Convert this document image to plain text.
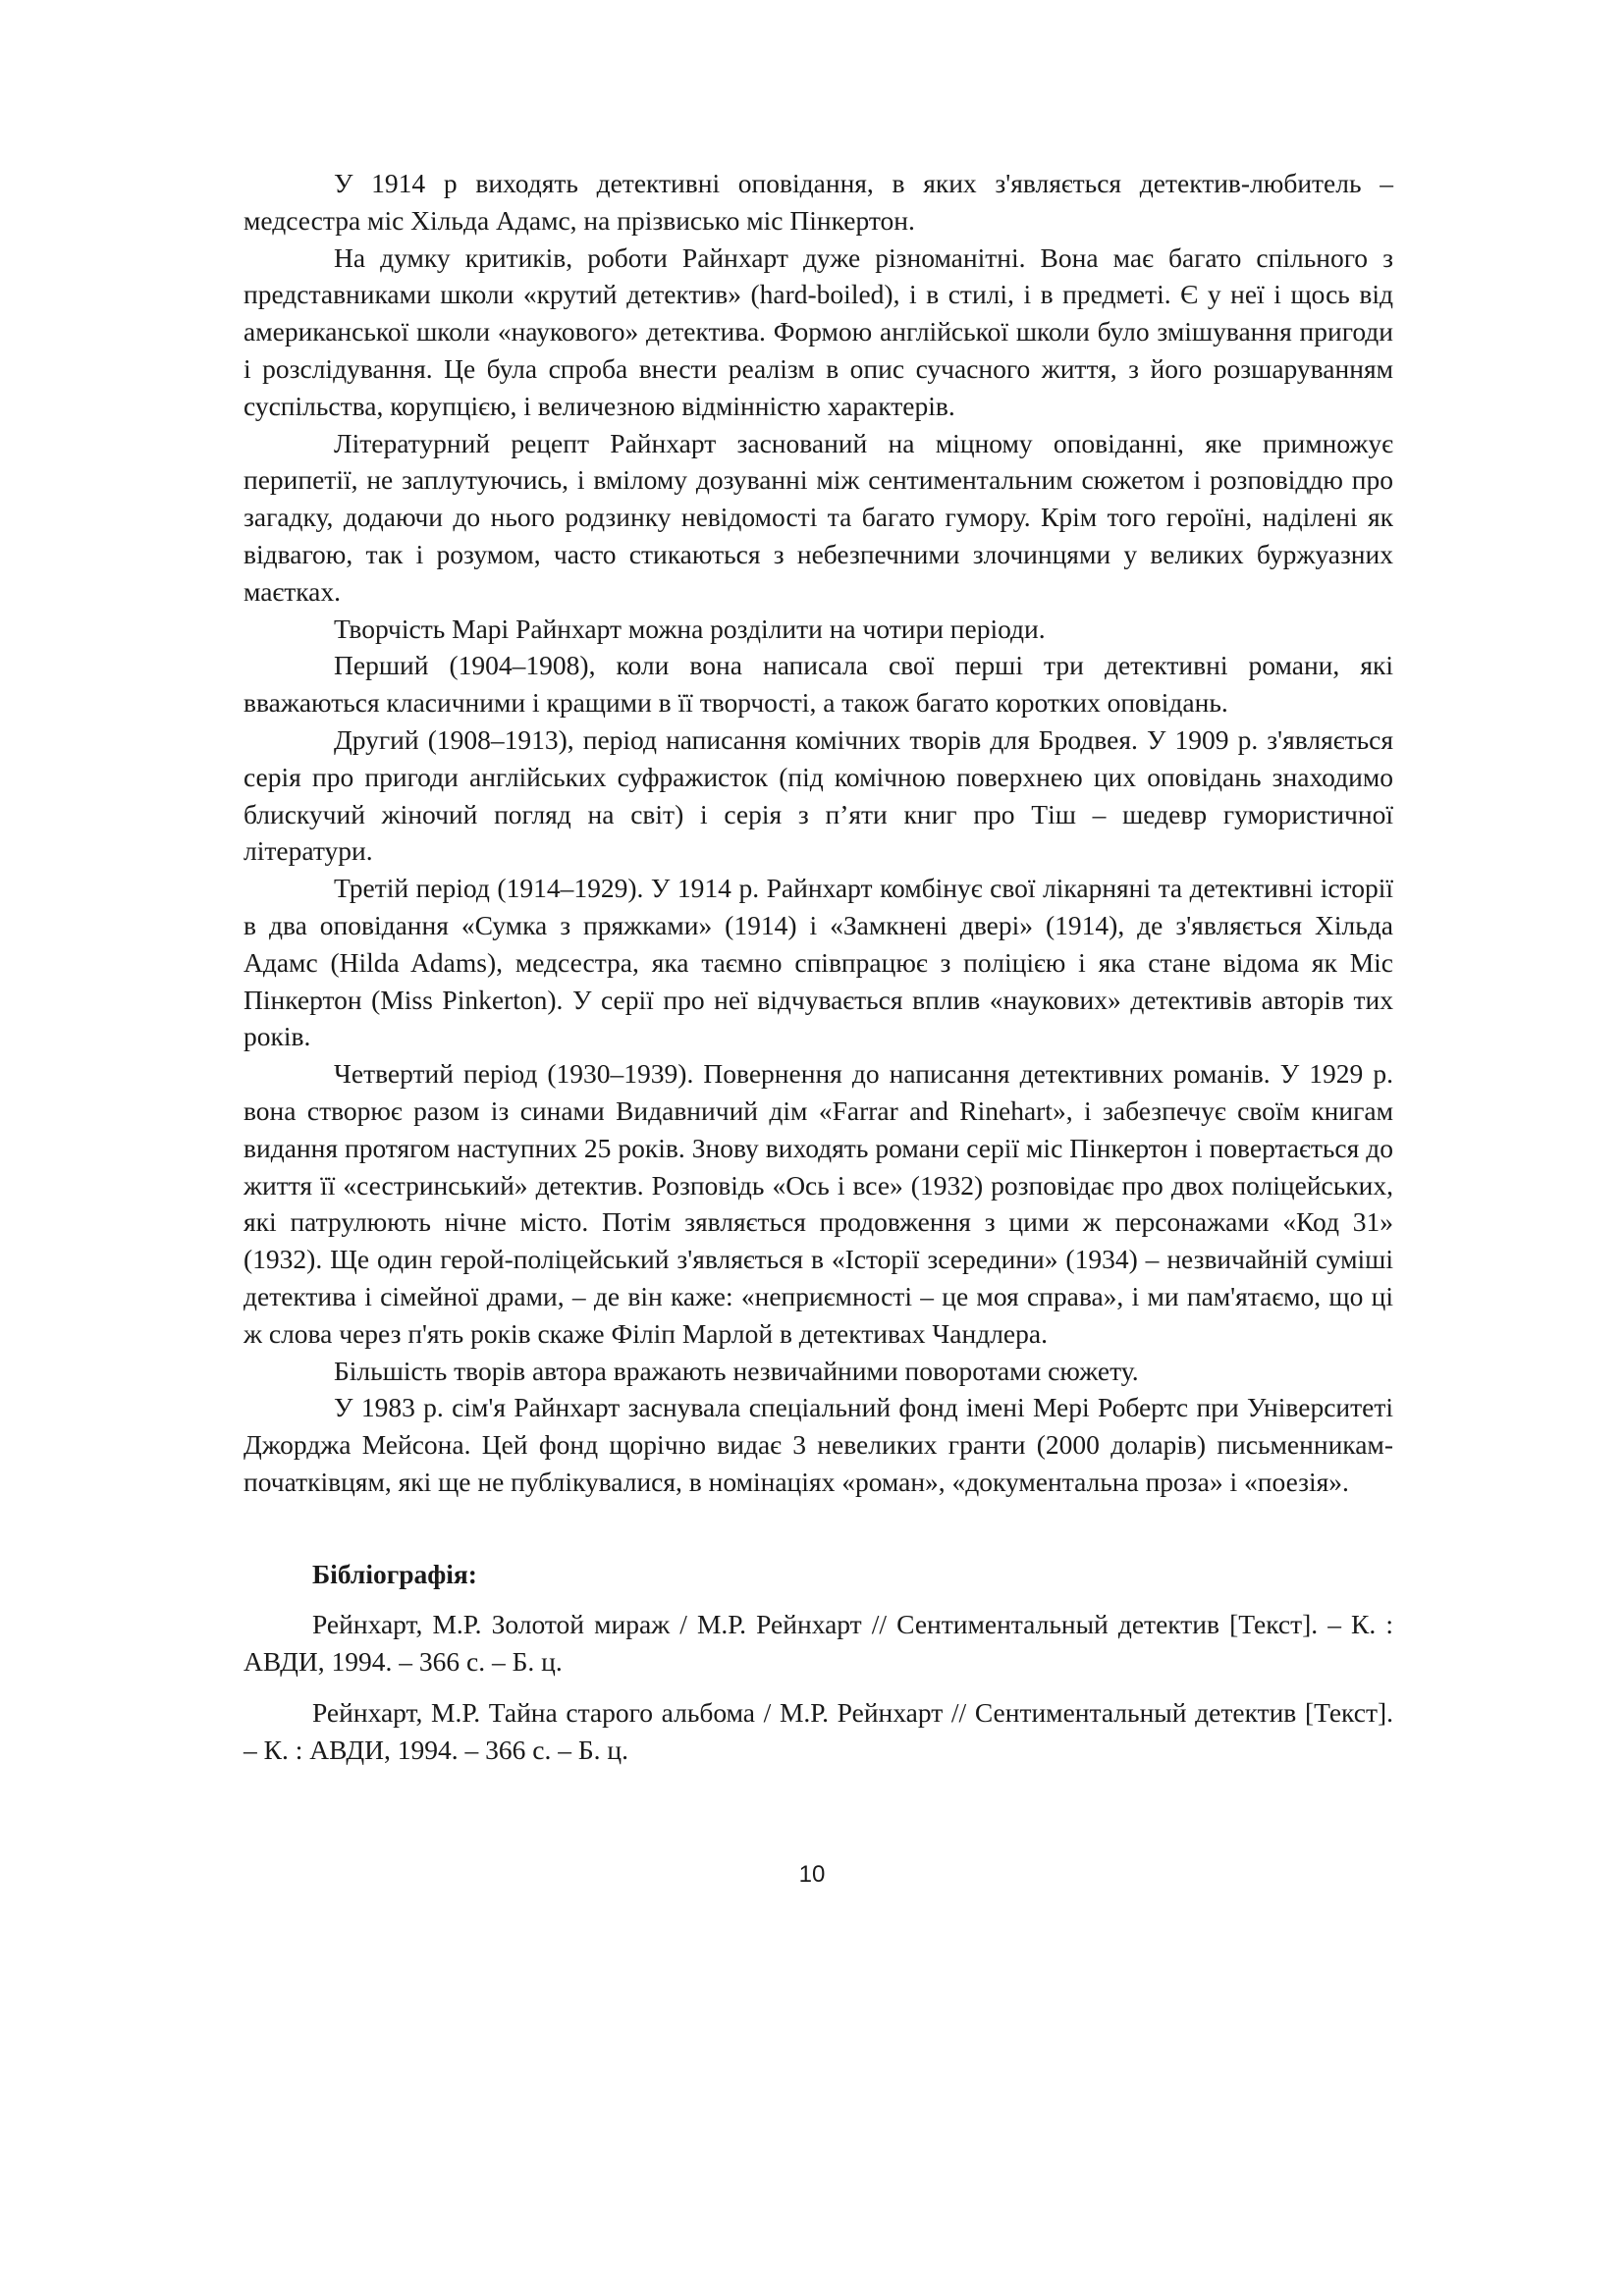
У 1914 р виходять детективні оповідання, в яких з'являється детектив-любитель – медсестра міс Хільда Адамс, на прізвисько міс Пінкертон.

На думку критиків, роботи Райнхарт дуже різноманітні. Вона має багато спільного з представниками школи «крутий детектив» (hard-boiled), і в стилі, і в предметі. Є у неї і щось від американської школи «наукового» детектива. Формою англійської школи було змішування пригоди і розслідування. Це була спроба внести реалізм в опис сучасного життя, з його розшаруванням суспільства, корупцією, і величезною відмінністю характерів.

Літературний рецепт Райнхарт заснований на міцному оповіданні, яке примножує перипетії, не заплутуючись, і вмілому дозуванні між сентиментальним сюжетом і розповіддю про загадку, додаючи до нього родзинку невідомості та багато гумору. Крім того героїні, наділені як відвагою, так і розумом, часто стикаються з небезпечними злочинцями у великих буржуазних маєтках.

Творчість Марі Райнхарт можна розділити на чотири періоди.

Перший (1904–1908), коли вона написала свої перші три детективні романи, які вважаються класичними і кращими в її творчості, а також багато коротких оповідань.

Другий (1908–1913), період написання комічних творів для Бродвея. У 1909 р. з'являється серія про пригоди англійських суфражисток (під комічною поверхнею цих оповідань знаходимо блискучий жіночий погляд на світ) і серія з п’яти книг про Тіш – шедевр гумористичної літератури.

Третій період (1914–1929). У 1914 р. Райнхарт комбінує свої лікарняні та детективні історії в два оповідання «Сумка з пряжками» (1914) і «Замкнені двері» (1914), де з'являється Хільда Адамс (Hilda Adams), медсестра, яка таємно співпрацює з поліцією і яка стане відома як Міс Пінкертон (Miss Pinkerton). У серії про неї відчувається вплив «наукових» детективів авторів тих років.

Четвертий період (1930–1939). Повернення до написання детективних романів. У 1929 р. вона створює разом із синами Видавничий дім «Farrar and Rinehart», і забезпечує своїм книгам видання протягом наступних 25 років. Знову виходять романи серії міс Пінкертон і повертається до життя її «сестринський» детектив. Розповідь «Ось і все» (1932) розповідає про двох поліцейських, які патрулюють нічне місто. Потім зявляється продовження з цими ж персонажами «Код 31» (1932). Ще один герой-поліцейський з'являється в «Історії зсередини» (1934) – незвичайній суміші детектива і сімейної драми, – де він каже: «неприємності – це моя справа», і ми пам'ятаємо, що ці ж слова через п'ять років скаже Філіп Марлой в детективах Чандлера.

Більшість творів автора вражають незвичайними поворотами сюжету.

У 1983 р. сім'я Райнхарт заснувала спеціальний фонд імені Мері Робертс при Університеті Джорджа Мейсона. Цей фонд щорічно видає 3 невеликих гранти (2000 доларів) письменникам-початківцям, які ще не публікувалися, в номінаціях «роман», «документальна проза» і «поезія».

Бібліографія:

Рейнхарт, М.Р. Золотой мираж / М.Р. Рейнхарт // Сентиментальный детектив [Текст]. – К. : АВДИ, 1994. – 366 с. – Б. ц.

Рейнхарт, М.Р. Тайна старого альбома / М.Р. Рейнхарт // Сентиментальный детектив [Текст]. – К. : АВДИ, 1994. – 366 с. – Б. ц.

10
